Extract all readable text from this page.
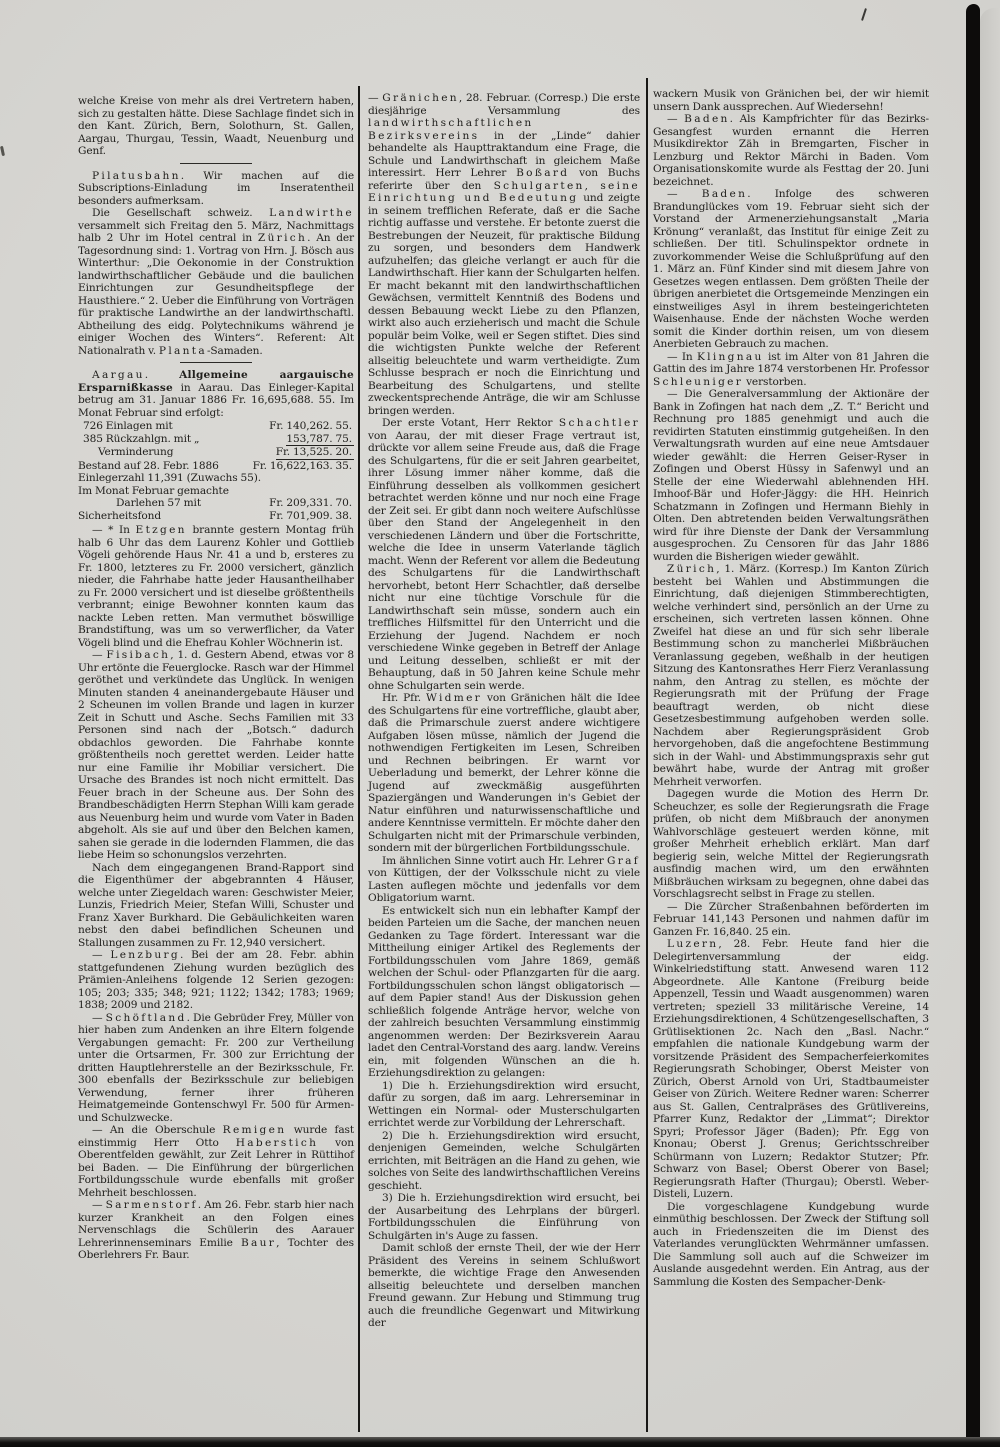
welche Kreise von mehr als drei Vertretern haben, sich zu gestalten hätte. Diese Sachlage findet sich in den Kant. Zürich, Bern, Solothurn, St. Gallen, Aargau, Thurgau, Tessin, Waadt, Neuenburg und Genf.

Pilatusbahn. Wir machen auf die Subscriptions-Einladung im Inseratentheil besonders aufmerksam.

Die Gesellschaft schweiz. Landwirthe versammelt sich Freitag den 5. März, Nachmittags halb 2 Uhr im Hotel central in Zürich. An der Tagesordnung sind: 1. Vortrag von Hrn. J. Bösch aus Winterthur: „Die Oekonomie in der Construktion landwirthschaftlicher Gebäude und die baulichen Einrichtungen zur Gesundheitspflege der Hausthiere.“ 2. Ueber die Einführung von Vorträgen für praktische Landwirthe an der landwirthschaftl. Abtheilung des eidg. Polytechnikums während je einiger Wochen des Winters“. Referent: Alt Nationalrath v. Planta-Samaden.

Aargau. Allgemeine aargauische Ersparnißkasse in Aarau. Das Einleger-Kapital betrug am 31. Januar 1886 Fr. 16,695,688. 55. Im Monat Februar sind erfolgt:

726 Einlagen mit	Fr. 140,262. 55.
385 Rückzahlgn. mit „	153,787. 75.
Verminderung	Fr. 13,525. 20.
Bestand auf 28. Febr. 1886	Fr. 16,622,163. 35.
Einlegerzahl 11,391 (Zuwachs 55).
Im Monat Februar gemachte
Darlehen 57 mit	Fr. 209,331. 70.
Sicherheitsfond	Fr. 701,909. 38.

— * In Etzgen brannte gestern Montag früh halb 6 Uhr das dem Laurenz Kohler und Gottlieb Vögeli gehörende Haus Nr. 41 a und b, ersteres zu Fr. 1800, letzteres zu Fr. 2000 versichert, gänzlich nieder, die Fahrhabe hatte jeder Hausantheilhaber zu Fr. 2000 versichert und ist dieselbe größtentheils verbrannt; einige Bewohner konnten kaum das nackte Leben retten. Man vermuthet böswillige Brandstiftung, was um so verwerflicher, da Vater Vögeli blind und die Ehefrau Kohler Wöchnerin ist.

— Fisibach, 1. d. Gestern Abend, etwas vor 8 Uhr ertönte die Feuerglocke. Rasch war der Himmel geröthet und verkündete das Unglück. In wenigen Minuten standen 4 aneinandergebaute Häuser und 2 Scheunen im vollen Brande und lagen in kurzer Zeit in Schutt und Asche. Sechs Familien mit 33 Personen sind nach der „Botsch.“ dadurch obdachlos geworden. Die Fahrhabe konnte größtentheils noch gerettet werden. Leider hatte nur eine Familie ihr Mobiliar versichert. Die Ursache des Brandes ist noch nicht ermittelt. Das Feuer brach in der Scheune aus. Der Sohn des Brandbeschädigten Herrn Stephan Willi kam gerade aus Neuenburg heim und wurde vom Vater in Baden abgeholt. Als sie auf und über den Belchen kamen, sahen sie gerade in die lodernden Flammen, die das liebe Heim so schonungslos verzehrten.

Nach dem eingegangenen Brand-Rapport sind die Eigenthümer der abgebrannten 4 Häuser, welche unter Ziegeldach waren: Geschwister Meier, Lunzis, Friedrich Meier, Stefan Willi, Schuster und Franz Xaver Burkhard. Die Gebäulichkeiten waren nebst den dabei befindlichen Scheunen und Stallungen zusammen zu Fr. 12,940 versichert.

— Lenzburg. Bei der am 28. Febr. abhin stattgefundenen Ziehung wurden bezüglich des Prämien-Anleihens folgende 12 Serien gezogen: 105; 203; 335; 348; 921; 1122; 1342; 1783; 1969; 1838; 2009 und 2182.

— Schöftland. Die Gebrüder Frey, Müller von hier haben zum Andenken an ihre Eltern folgende Vergabungen gemacht: Fr. 200 zur Vertheilung unter die Ortsarmen, Fr. 300 zur Errichtung der dritten Hauptlehrerstelle an der Bezirksschule, Fr. 300 ebenfalls der Bezirksschule zur beliebigen Verwendung, ferner ihrer früheren Heimatgemeinde Gontenschwyl Fr. 500 für Armen- und Schulzwecke.

— An die Oberschule Remigen wurde fast einstimmig Herr Otto Haberstich von Oberentfelden gewählt, zur Zeit Lehrer in Rüttihof bei Baden. — Die Einführung der bürgerlichen Fortbildungsschule wurde ebenfalls mit großer Mehrheit beschlossen.

— Sarmenstorf. Am 26. Febr. starb hier nach kurzer Krankheit an den Folgen eines Nervenschlags die Schülerin des Aarauer Lehrerinnenseminars Emilie Baur, Tochter des Oberlehrers Fr. Baur.

— Gränichen, 28. Februar. (Corresp.) Die erste diesjährige Versammlung des landwirthschaftlichen Bezirksvereins in der „Linde“ dahier behandelte als Haupttraktandum eine Frage, die Schule und Landwirthschaft in gleichem Maße interessirt. Herr Lehrer Boßard von Buchs referirte über den Schulgarten, seine Einrichtung und Bedeutung und zeigte in seinem trefflichen Referate, daß er die Sache richtig auffasse und verstehe. Er betonte zuerst die Bestrebungen der Neuzeit, für praktische Bildung zu sorgen, und besonders dem Handwerk aufzuhelfen; das gleiche verlangt er auch für die Landwirthschaft. Hier kann der Schulgarten helfen. Er macht bekannt mit den landwirthschaftlichen Gewächsen, vermittelt Kenntniß des Bodens und dessen Bebauung weckt Liebe zu den Pflanzen, wirkt also auch erzieherisch und macht die Schule populär beim Volke, weil er Segen stiftet. Dies sind die wichtigsten Punkte welche der Referent allseitig beleuchtete und warm vertheidigte. Zum Schlusse besprach er noch die Einrichtung und Bearbeitung des Schulgartens, und stellte zweckentsprechende Anträge, die wir am Schlusse bringen werden.

Der erste Votant, Herr Rektor Schachtler von Aarau, der mit dieser Frage vertraut ist, drückte vor allem seine Freude aus, daß die Frage des Schulgartens, für die er seit Jahren gearbeitet, ihrer Lösung immer näher komme, daß die Einführung desselben als vollkommen gesichert betrachtet werden könne und nur noch eine Frage der Zeit sei. Er gibt dann noch weitere Aufschlüsse über den Stand der Angelegenheit in den verschiedenen Ländern und über die Fortschritte, welche die Idee in unserm Vaterlande täglich macht. Wenn der Referent vor allem die Bedeutung des Schulgartens für die Landwirthschaft hervorhebt, betont Herr Schachtler, daß derselbe nicht nur eine tüchtige Vorschule für die Landwirthschaft sein müsse, sondern auch ein treffliches Hilfsmittel für den Unterricht und die Erziehung der Jugend. Nachdem er noch verschiedene Winke gegeben in Betreff der Anlage und Leitung desselben, schließt er mit der Behauptung, daß in 50 Jahren keine Schule mehr ohne Schulgarten sein werde.

Hr. Pfr. Widmer von Gränichen hält die Idee des Schulgartens für eine vortreffliche, glaubt aber, daß die Primarschule zuerst andere wichtigere Aufgaben lösen müsse, nämlich der Jugend die nothwendigen Fertigkeiten im Lesen, Schreiben und Rechnen beibringen. Er warnt vor Ueberladung und bemerkt, der Lehrer könne die Jugend auf zweckmäßig ausgeführten Spaziergängen und Wanderungen in's Gebiet der Natur einführen und naturwissenschaftliche und andere Kenntnisse vermitteln. Er möchte daher den Schulgarten nicht mit der Primarschule verbinden, sondern mit der bürgerlichen Fortbildungsschule.

Im ähnlichen Sinne votirt auch Hr. Lehrer Graf von Küttigen, der der Volksschule nicht zu viele Lasten auflegen möchte und jedenfalls vor dem Obligatorium warnt.

Es entwickelt sich nun ein lebhafter Kampf der beiden Parteien um die Sache, der manchen neuen Gedanken zu Tage fördert. Interessant war die Mittheilung einiger Artikel des Reglements der Fortbildungsschulen vom Jahre 1869, gemäß welchen der Schul- oder Pflanzgarten für die aarg. Fortbildungsschulen schon längst obligatorisch — auf dem Papier stand! Aus der Diskussion gehen schließlich folgende Anträge hervor, welche von der zahlreich besuchten Versammlung einstimmig angenommen werden: Der Bezirksverein Aarau ladet den Central-Vorstand des aarg. landw. Vereins ein, mit folgenden Wünschen an die h. Erziehungsdirektion zu gelangen:

1) Die h. Erziehungsdirektion wird ersucht, dafür zu sorgen, daß im aarg. Lehrerseminar in Wettingen ein Normal- oder Musterschulgarten errichtet werde zur Vorbildung der Lehrerschaft.

2) Die h. Erziehungsdirektion wird ersucht, denjenigen Gemeinden, welche Schulgärten errichten, mit Beiträgen an die Hand zu gehen, wie solches von Seite des landwirthschaftlichen Vereins geschieht.

3) Die h. Erziehungsdirektion wird ersucht, bei der Ausarbeitung des Lehrplans der bürgerl. Fortbildungsschulen die Einführung von Schulgärten in's Auge zu fassen.

Damit schloß der ernste Theil, der wie der Herr Präsident des Vereins in seinem Schlußwort bemerkte, die wichtige Frage den Anwesenden allseitig beleuchtete und derselben manchen Freund gewann. Zur Hebung und Stimmung trug auch die freundliche Gegenwart und Mitwirkung der

wackern Musik von Gränichen bei, der wir hiemit unsern Dank aussprechen. Auf Wiedersehn!

— Baden. Als Kampfrichter für das Bezirks-Gesangfest wurden ernannt die Herren Musikdirektor Zäh in Bremgarten, Fischer in Lenzburg und Rektor Märchi in Baden. Vom Organisationskomite wurde als Festtag der 20. Juni bezeichnet.

— Baden. Infolge des schweren Brandunglückes vom 19. Februar sieht sich der Vorstand der Armenerziehungsanstalt „Maria Krönung“ veranlaßt, das Institut für einige Zeit zu schließen. Der titl. Schulinspektor ordnete in zuvorkommender Weise die Schlußprüfung auf den 1. März an. Fünf Kinder sind mit diesem Jahre von Gesetzes wegen entlassen. Dem größten Theile der übrigen anerbietet die Ortsgemeinde Menzingen ein einstweiliges Asyl in ihrem besteingerichteten Waisenhause. Ende der nächsten Woche werden somit die Kinder dorthin reisen, um von diesem Anerbieten Gebrauch zu machen.

— In Klingnau ist im Alter von 81 Jahren die Gattin des im Jahre 1874 verstorbenen Hr. Professor Schleuniger verstorben.

— Die Generalversammlung der Aktionäre der Bank in Zofingen hat nach dem „Z. T.“ Bericht und Rechnung pro 1885 genehmigt und auch die revidirten Statuten einstimmig gutgeheißen. In den Verwaltungsrath wurden auf eine neue Amtsdauer wieder gewählt: die Herren Geiser-Ryser in Zofingen und Oberst Hüssy in Safenwyl und an Stelle der eine Wiederwahl ablehnenden HH. Imhoof-Bär und Hofer-Jäggy: die HH. Heinrich Schatzmann in Zofingen und Hermann Biehly in Olten. Den abtretenden beiden Verwaltungsräthen wird für ihre Dienste der Dank der Versammlung ausgesprochen. Zu Censoren für das Jahr 1886 wurden die Bisherigen wieder gewählt.

Zürich, 1. März. (Korresp.) Im Kanton Zürich besteht bei Wahlen und Abstimmungen die Einrichtung, daß diejenigen Stimmberechtigten, welche verhindert sind, persönlich an der Urne zu erscheinen, sich vertreten lassen können. Ohne Zweifel hat diese an und für sich sehr liberale Bestimmung schon zu mancherlei Mißbräuchen Veranlassung gegeben, weßhalb in der heutigen Sitzung des Kantonsrathes Herr Fierz Veranlassung nahm, den Antrag zu stellen, es möchte der Regierungsrath mit der Prüfung der Frage beauftragt werden, ob nicht diese Gesetzesbestimmung aufgehoben werden solle. Nachdem aber Regierungspräsident Grob hervorgehoben, daß die angefochtene Bestimmung sich in der Wahl- und Abstimmungspraxis sehr gut bewährt habe, wurde der Antrag mit großer Mehrheit verworfen.

Dagegen wurde die Motion des Herrn Dr. Scheuchzer, es solle der Regierungsrath die Frage prüfen, ob nicht dem Mißbrauch der anonymen Wahlvorschläge gesteuert werden könne, mit großer Mehrheit erheblich erklärt. Man darf begierig sein, welche Mittel der Regierungsrath ausfindig machen wird, um den erwähnten Mißbräuchen wirksam zu begegnen, ohne dabei das Vorschlagsrecht selbst in Frage zu stellen.

— Die Zürcher Straßenbahnen beförderten im Februar 141,143 Personen und nahmen dafür im Ganzen Fr. 16,840. 25 ein.

Luzern, 28. Febr. Heute fand hier die Delegirtenversammlung der eidg. Winkelriedstiftung statt. Anwesend waren 112 Abgeordnete. Alle Kantone (Freiburg beide Appenzell, Tessin und Waadt ausgenommen) waren vertreten; speziell 33 militärische Vereine, 14 Erziehungsdirektionen, 4 Schützengesellschaften, 3 Grütlisektionen 2c. Nach den „Basl. Nachr.“ empfahlen die nationale Kundgebung warm der vorsitzende Präsident des Sempacherfeierkomites Regierungsrath Schobinger, Oberst Meister von Zürich, Oberst Arnold von Uri, Stadtbaumeister Geiser von Zürich. Weitere Redner waren: Scherrer aus St. Gallen, Centralpräses des Grütlivereins, Pfarrer Kunz, Redaktor der „Limmat“; Direktor Spyri; Professor Jäger (Baden); Pfr. Egg von Knonau; Oberst J. Grenus; Gerichtsschreiber Schürmann von Luzern; Redaktor Stutzer; Pfr. Schwarz von Basel; Oberst Oberer von Basel; Regierungsrath Hafter (Thurgau); Oberstl. Weber-Disteli, Luzern.

Die vorgeschlagene Kundgebung wurde einmüthig beschlossen. Der Zweck der Stiftung soll auch in Friedenszeiten die im Dienst des Vaterlandes verunglückten Wehrmänner umfassen. Die Sammlung soll auch auf die Schweizer im Auslande ausgedehnt werden. Ein Antrag, aus der Sammlung die Kosten des Sempacher-Denk-
